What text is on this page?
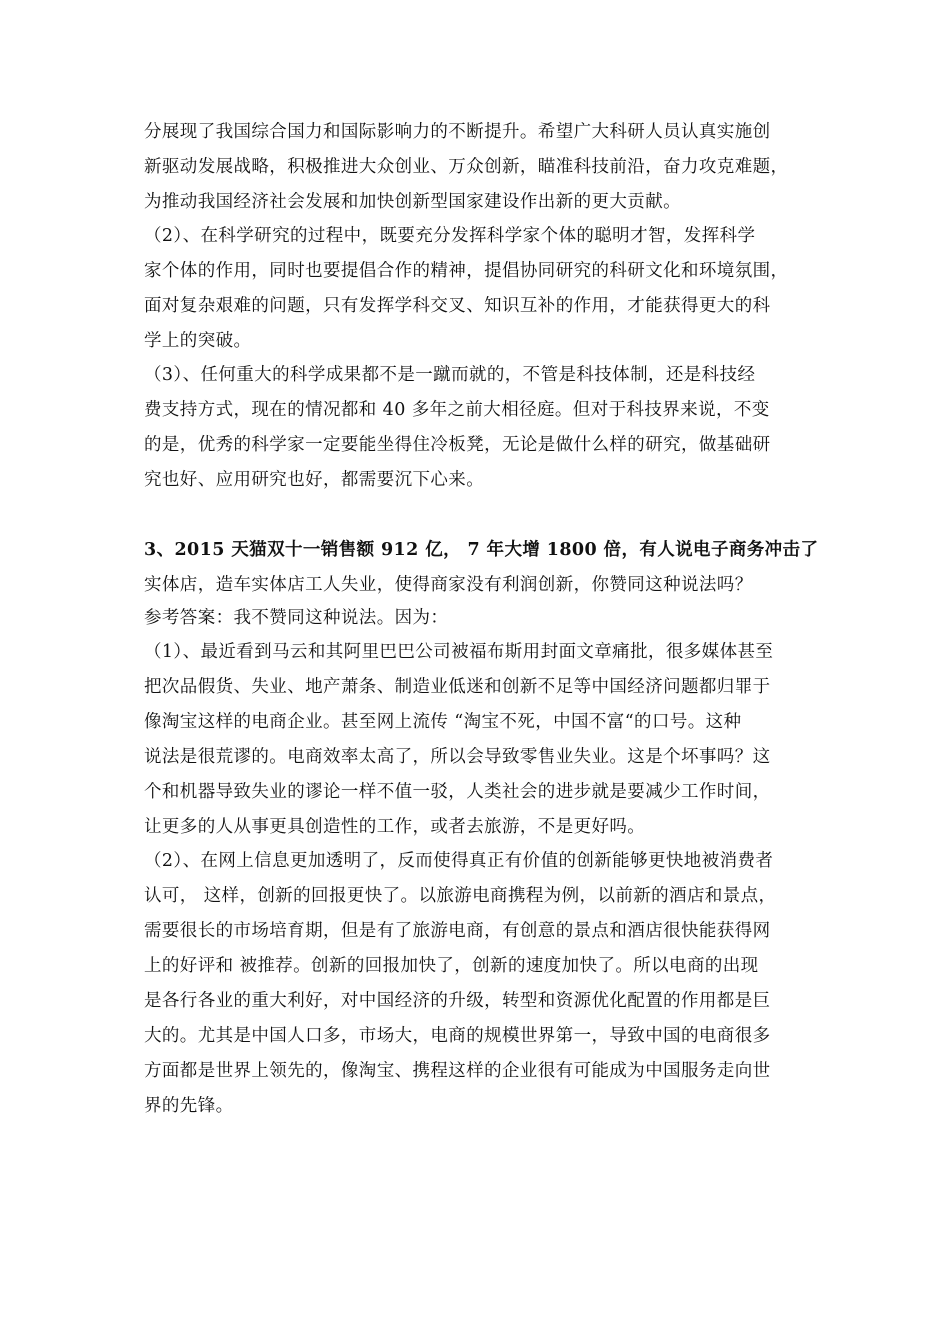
分展现了我国综合国力和国际影响力的不断提升。希望广大科研人员认真实施创
新驱动发展战略，积极推进大众创业、万众创新，瞄准科技前沿，奋力攻克难题，
为推动我国经济社会发展和加快创新型国家建设作出新的更大贡献。
（2）、在科学研究的过程中，既要充分发挥科学家个体的聪明才智，发挥科学
家个体的作用，同时也要提倡合作的精神，提倡协同研究的科研文化和环境氛围，
面对复杂艰难的问题，只有发挥学科交叉、知识互补的作用，才能获得更大的科
学上的突破。
（3）、任何重大的科学成果都不是一蹴而就的，不管是科技体制，还是科技经
费支持方式，现在的情况都和 40 多年之前大相径庭。但对于科技界来说，不变
的是，优秀的科学家一定要能坐得住冷板凳，无论是做什么样的研究，做基础研
究也好、应用研究也好，都需要沉下心来。
3、2015 天猫双十一销售额 912 亿， 7 年大增 1800 倍，有人说电子商务冲击了
实体店，造车实体店工人失业，使得商家没有利润创新，你赞同这种说法吗？
参考答案：我不赞同这种说法。因为：
（1）、最近看到马云和其阿里巴巴公司被福布斯用封面文章痛批，很多媒体甚至
把次品假货、失业、地产萧条、制造业低迷和创新不足等中国经济问题都归罪于
像淘宝这样的电商企业。甚至网上流传 “淘宝不死，中国不富“的口号。这种
说法是很荒谬的。电商效率太高了，所以会导致零售业失业。这是个坏事吗？这
个和机器导致失业的谬论一样不值一驳，人类社会的进步就是要减少工作时间，
让更多的人从事更具创造性的工作，或者去旅游，不是更好吗。
（2）、在网上信息更加透明了，反而使得真正有价值的创新能够更快地被消费者
认可， 这样，创新的回报更快了。以旅游电商携程为例，以前新的酒店和景点，
需要很长的市场培育期，但是有了旅游电商，有创意的景点和酒店很快能获得网
上的好评和 被推荐。创新的回报加快了，创新的速度加快了。所以电商的出现
是各行各业的重大利好，对中国经济的升级，转型和资源优化配置的作用都是巨
大的。尤其是中国人口多，市场大，电商的规模世界第一，导致中国的电商很多
方面都是世界上领先的，像淘宝、携程这样的企业很有可能成为中国服务走向世
界的先锋。
